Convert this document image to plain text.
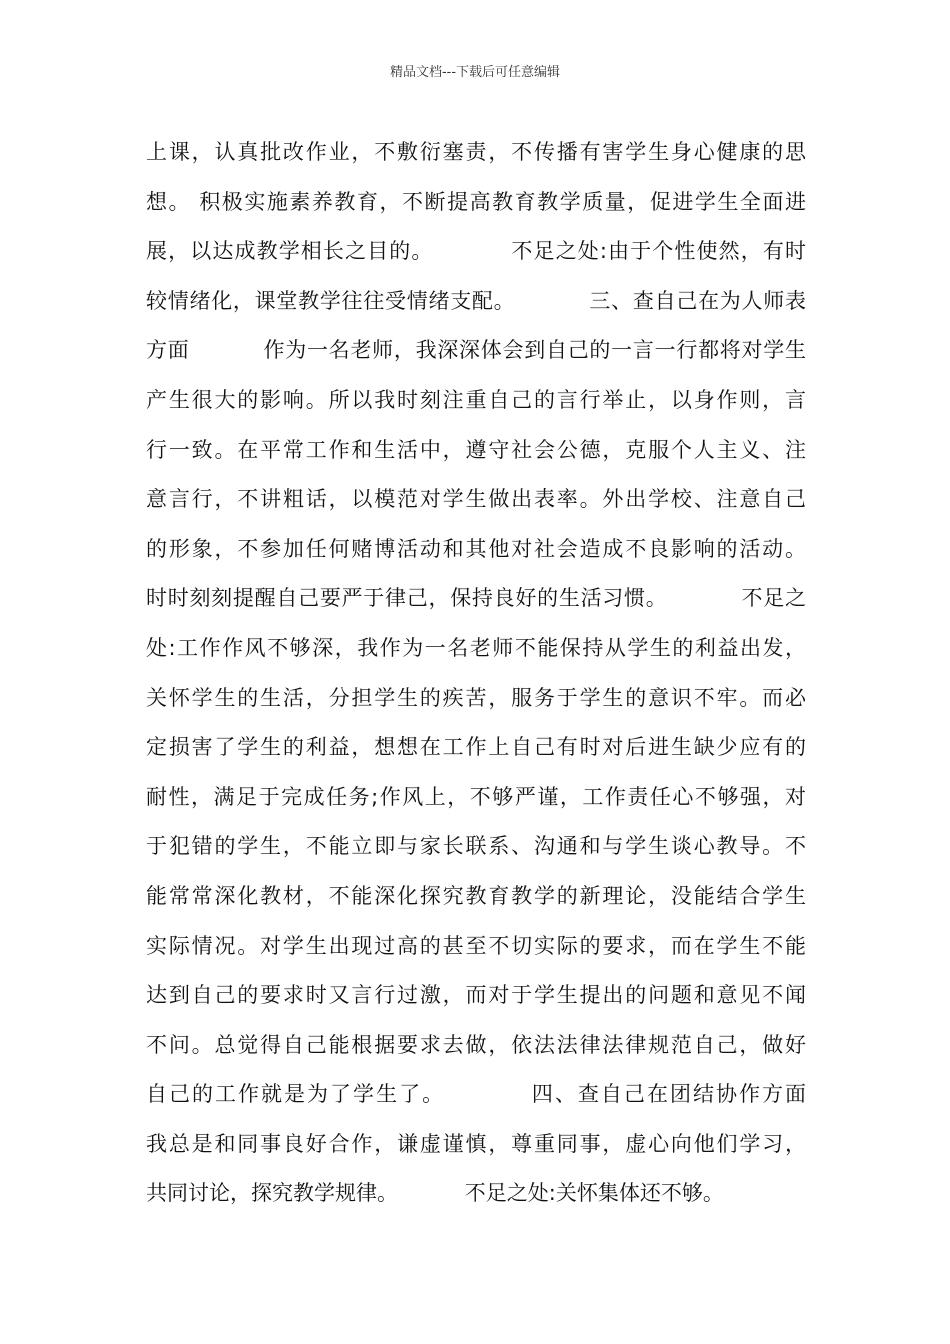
精品文档---下载后可任意编辑
上课，认真批改作业，不敷衍塞责，不传播有害学生身心健康的思
想。 积极实施素养教育，不断提高教育教学质量，促进学生全面进
展，以达成教学相长之目的。          不足之处:由于个性使然，有时
较情绪化，课堂教学往往受情绪支配。          三、查自己在为人师表
方面          作为一名老师，我深深体会到自己的一言一行都将对学生
产生很大的影响。所以我时刻注重自己的言行举止，以身作则，言
行一致。在平常工作和生活中，遵守社会公德，克服个人主义、注
意言行，不讲粗话，以模范对学生做出表率。外出学校、注意自己
的形象，不参加任何赌博活动和其他对社会造成不良影响的活动。
时时刻刻提醒自己要严于律己，保持良好的生活习惯。          不足之
处:工作作风不够深，我作为一名老师不能保持从学生的利益出发，
关怀学生的生活，分担学生的疾苦，服务于学生的意识不牢。而必
定损害了学生的利益，想想在工作上自己有时对后进生缺少应有的
耐性，满足于完成任务;作风上，不够严谨，工作责任心不够强，对
于犯错的学生，不能立即与家长联系、沟通和与学生谈心教导。不
能常常深化教材，不能深化探究教育教学的新理论，没能结合学生
实际情况。对学生出现过高的甚至不切实际的要求，而在学生不能
达到自己的要求时又言行过激，而对于学生提出的问题和意见不闻
不问。总觉得自己能根据要求去做，依法法律法律规范自己，做好
自己的工作就是为了学生了。          四、查自己在团结协作方面
我总是和同事良好合作，谦虚谨慎，尊重同事，虚心向他们学习，
共同讨论，探究教学规律。          不足之处:关怀集体还不够。
